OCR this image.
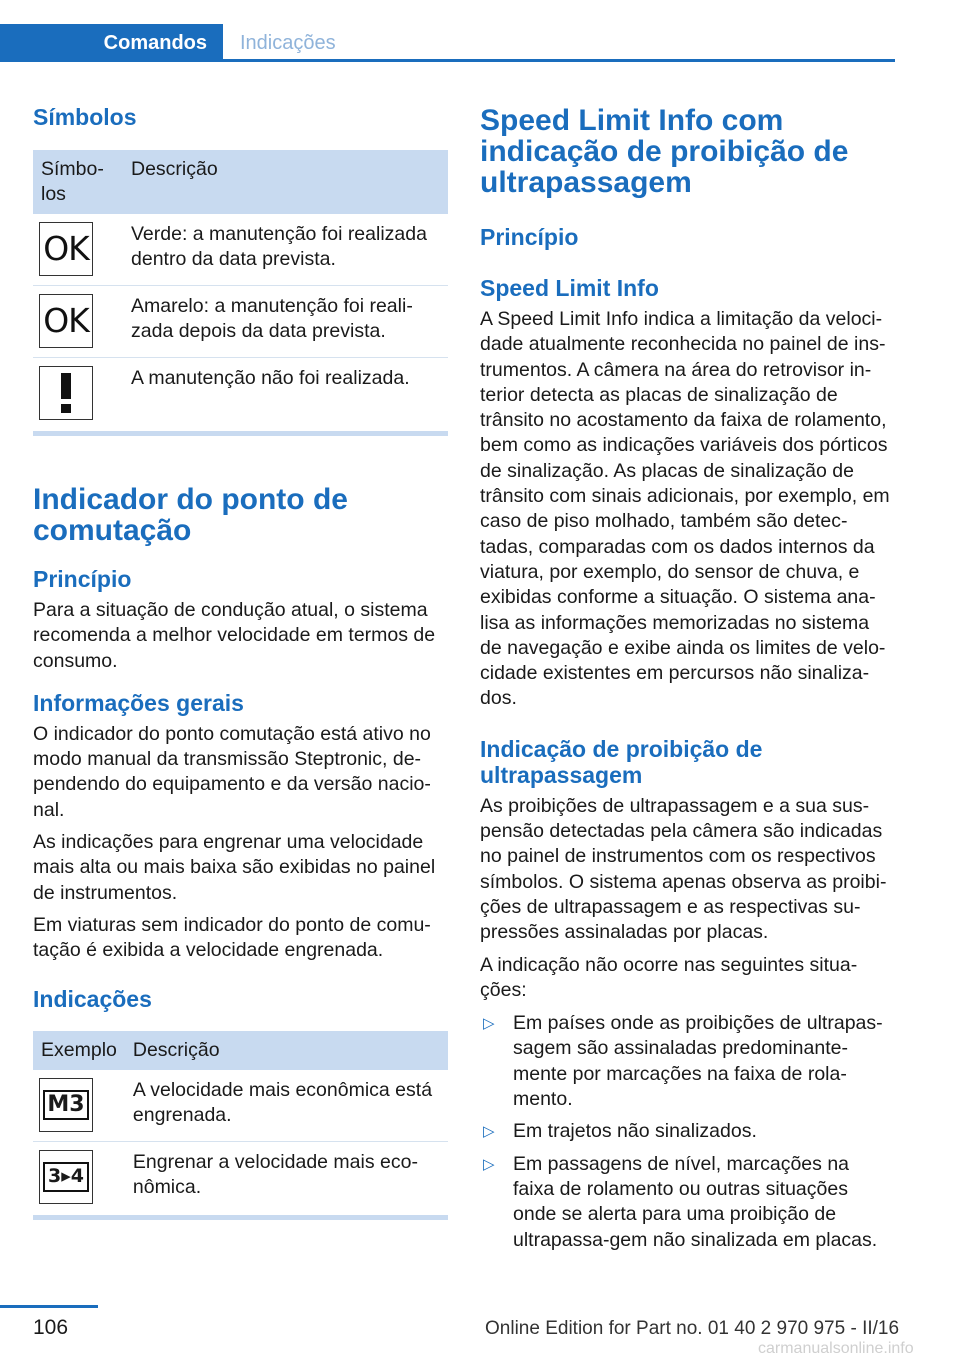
Comandos	Indicações
Símbolos
Símbo-
los	Descrição

OK	Verde: a manutenção foi realizada dentro da data prevista.

OK	Amarelo: a manutenção foi reali-zada depois da data prevista.

	A manutenção não foi realizada.
Indicador do ponto de comutação
Princípio

Para a situação de condução atual, o sistema recomenda a melhor velocidade em termos de consumo.

Informações gerais

O indicador do ponto comutação está ativo no modo manual da transmissão Steptronic, de-pendendo do equipamento e da versão nacio-nal.

As indicações para engrenar uma velocidade mais alta ou mais baixa são exibidas no painel de instrumentos.

Em viaturas sem indicador do ponto de comu-tação é exibida a velocidade engrenada.

Indicações
Exemplo	Descrição

M3	A velocidade mais econômica está engrenada.

3▸4	Engrenar a velocidade mais eco-nômica.
Speed Limit Info com indicação de proibição de ultrapassagem
Princípio
Speed Limit Info

A Speed Limit Info indica a limitação da veloci-dade atualmente reconhecida no painel de ins-trumentos. A câmera na área do retrovisor in-terior detecta as placas de sinalização de trânsito no acostamento da faixa de rolamento, bem como as indicações variáveis dos pórticos de sinalização. As placas de sinalização de trânsito com sinais adicionais, por exemplo, em caso de piso molhado, também são detec-tadas, comparadas com os dados internos da viatura, por exemplo, do sensor de chuva, e exibidas conforme a situação. O sistema ana-lisa as informações memorizadas no sistema de navegação e exibe ainda os limites de velo-cidade existentes em percursos não sinaliza-dos.

Indicação de proibição de ultrapassagem

As proibições de ultrapassagem e a sua sus-pensão detectadas pela câmera são indicadas no painel de instrumentos com os respectivos símbolos. O sistema apenas observa as proibi-ções de ultrapassagem e as respectivas su-pressões assinaladas por placas.

A indicação não ocorre nas seguintes situa-ções:

▷ Em países onde as proibições de ultrapas-sagem são assinaladas predominante-mente por marcações na faixa de rola-mento.
▷ Em trajetos não sinalizados.
▷ Em passagens de nível, marcações na faixa de rolamento ou outras situações onde se alerta para uma proibição de ultrapassa-gem não sinalizada em placas.
106	Online Edition for Part no. 01 40 2 970 975 - II/16
carmanualsonline.info
